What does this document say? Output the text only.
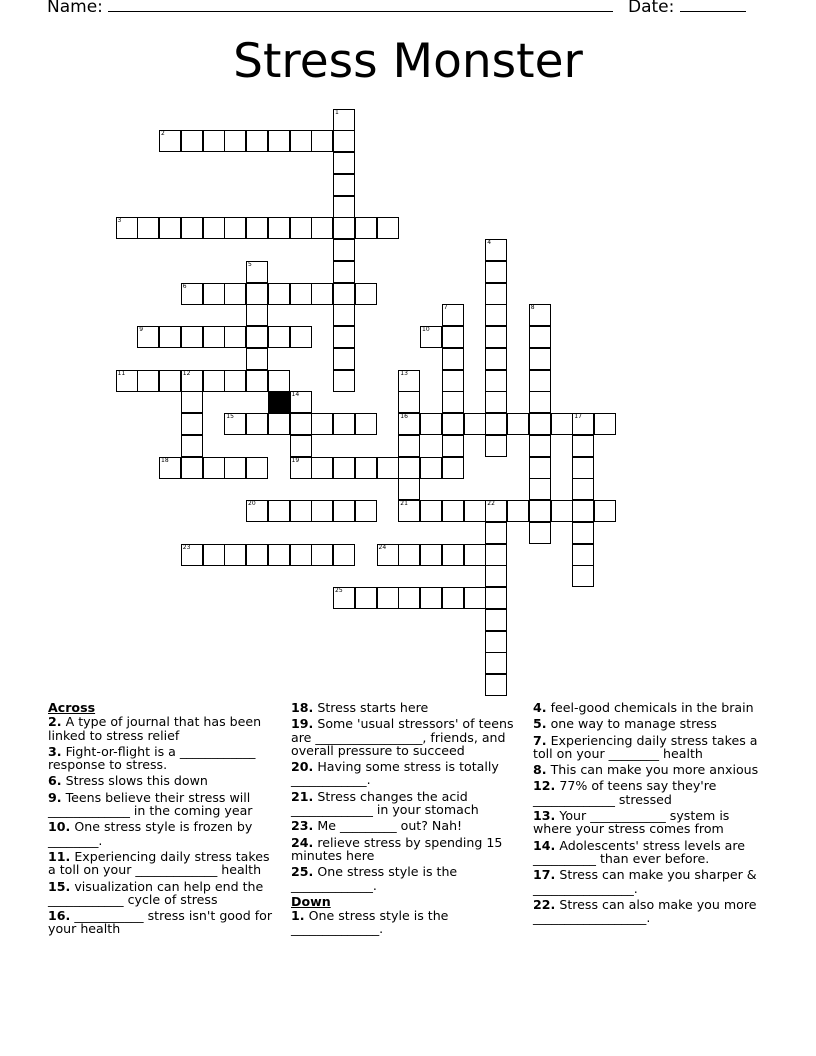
Name:	Date:
Stress Monster
2
3
6
9	10
11	12
15	16	17
18	19
20	21	22
23	24
25
1
4
5
7	8
13
14
Across
2. A type of journal that has been linked to stress relief
3. Fight-or-flight is a ____________ response to stress.
6. Stress slows this down
9. Teens believe their stress will _____________ in the coming year
10. One stress style is frozen by ________.
11. Experiencing daily stress takes a toll on your _____________ health
15. visualization can help end the ____________ cycle of stress
16. ___________ stress isn't good for your health
18. Stress starts here
19. Some 'usual stressors' of teens are _________________, friends, and overall pressure to succeed
20. Having some stress is totally ____________.
21. Stress changes the acid _____________ in your stomach
23. Me _________ out? Nah!
24. relieve stress by spending 15 minutes here
25. One stress style is the _____________.
Down
1. One stress style is the ______________.
4. feel-good chemicals in the brain
5. one way to manage stress
7. Experiencing daily stress takes a toll on your ________ health
8. This can make you more anxious
12. 77% of teens say they're _____________ stressed
13. Your ____________ system is where your stress comes from
14. Adolescents' stress levels are __________ than ever before.
17. Stress can make you sharper & ________________.
22. Stress can also make you more __________________.
